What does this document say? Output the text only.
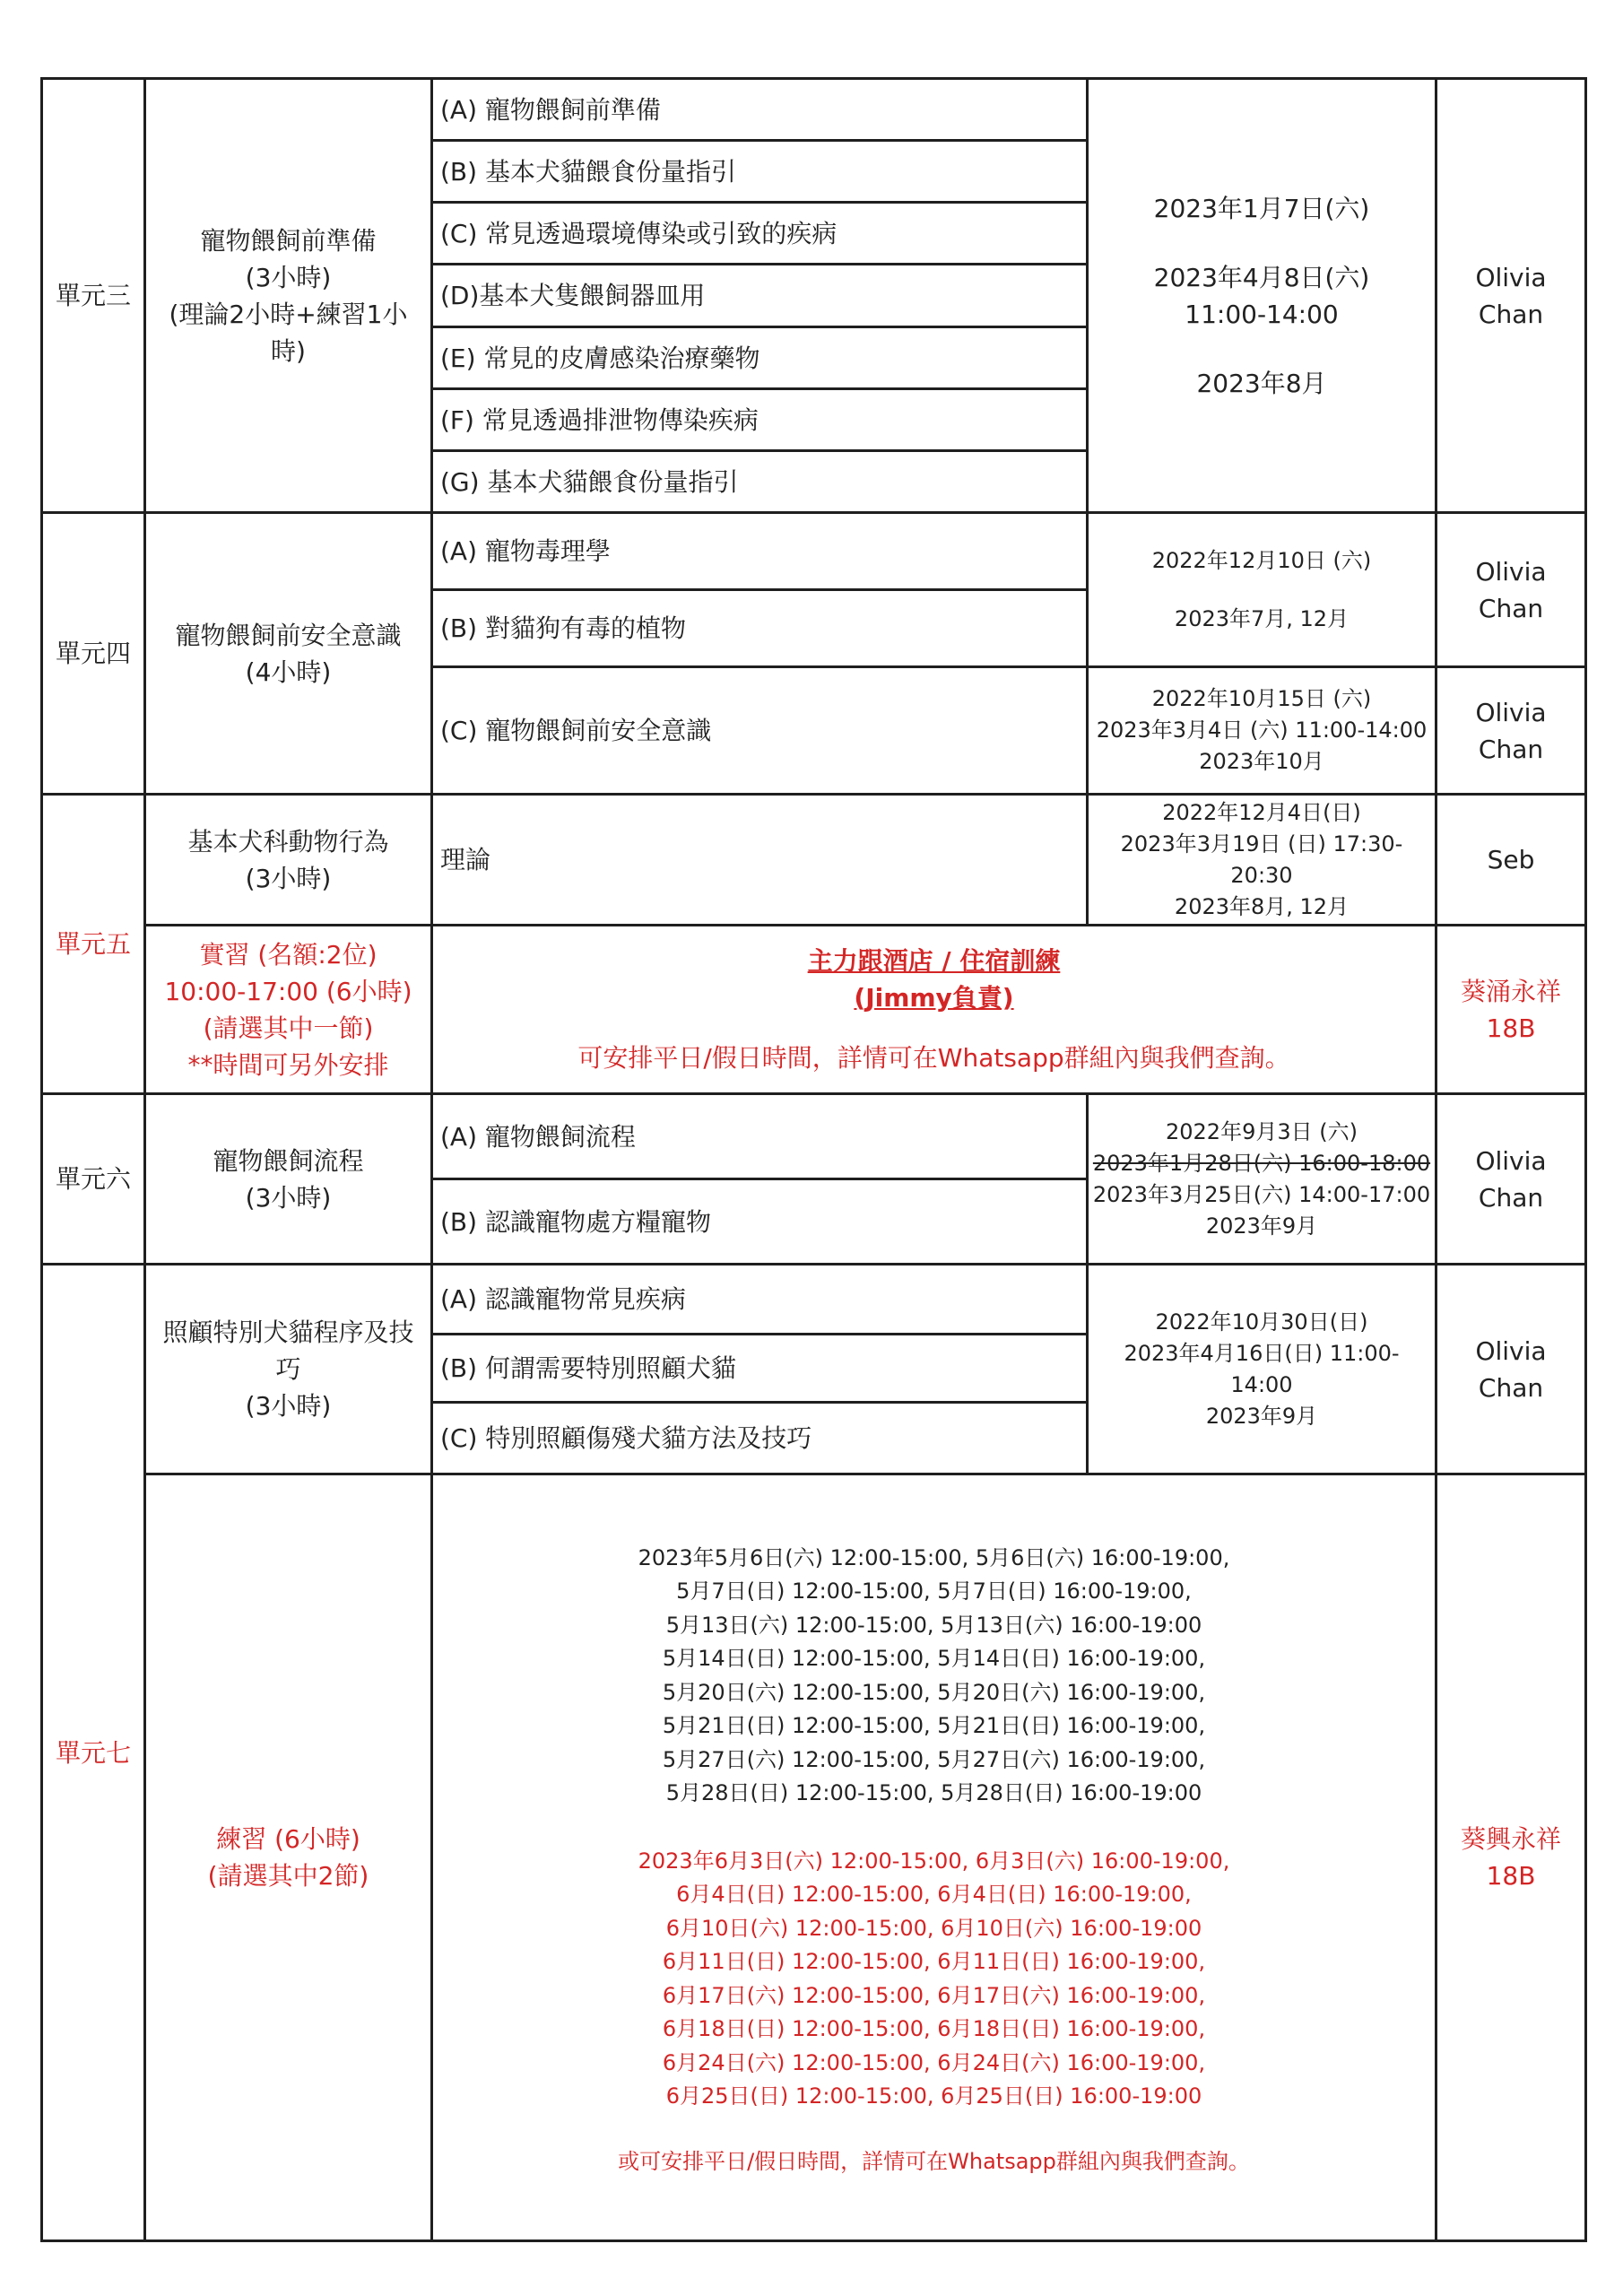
單元三
寵物餵飼前準備
(3小時)
(理論2小時+練習1小
時)
(A) 寵物餵飼前準備
(B) 基本犬貓餵食份量指引
(C) 常見透過環境傳染或引致的疾病
(D)基本犬隻餵飼器皿用
(E) 常見的皮膚感染治療藥物
(F) 常見透過排泄物傳染疾病
(G) 基本犬貓餵食份量指引
2023年1月7日(六)
2023年4月8日(六)
11:00-14:00
2023年8月
Olivia
Chan
單元四
寵物餵飼前安全意識
(4小時)
(A) 寵物毒理學
(B) 對貓狗有毒的植物
(C) 寵物餵飼前安全意識
2022年12月10日 (六)
2023年7月, 12月
Olivia
Chan
2022年10月15日 (六)
2023年3月4日 (六) 11:00-14:00
2023年10月
Olivia
Chan
單元五
基本犬科動物行為
(3小時)
理論
2022年12月4日(日)
2023年3月19日 (日) 17:30-
20:30
2023年8月, 12月
Seb
實習 (名額:2位)
10:00-17:00 (6小時)
(請選其中一節)
**時間可另外安排
主力跟酒店 / 住宿訓練
(Jimmy負責)
可安排平日/假日時間，詳情可在Whatsapp群組內與我們查詢。
葵涌永祥
18B
單元六
寵物餵飼流程
(3小時)
(A) 寵物餵飼流程
(B) 認識寵物處方糧寵物
2022年9月3日 (六)
2023年1月28日(六) 16:00-18:00
2023年3月25日(六) 14:00-17:00
2023年9月
Olivia
Chan
單元七
照顧特別犬貓程序及技
巧
(3小時)
(A) 認識寵物常見疾病
(B) 何謂需要特別照顧犬貓
(C) 特別照顧傷殘犬貓方法及技巧
2022年10月30日(日)
2023年4月16日(日) 11:00-
14:00
2023年9月
Olivia
Chan
練習 (6小時)
(請選其中2節)
2023年5月6日(六) 12:00-15:00, 5月6日(六) 16:00-19:00,
5月7日(日) 12:00-15:00, 5月7日(日) 16:00-19:00,
5月13日(六) 12:00-15:00, 5月13日(六) 16:00-19:00
5月14日(日) 12:00-15:00, 5月14日(日) 16:00-19:00,
5月20日(六) 12:00-15:00, 5月20日(六) 16:00-19:00,
5月21日(日) 12:00-15:00, 5月21日(日) 16:00-19:00,
5月27日(六) 12:00-15:00, 5月27日(六) 16:00-19:00,
5月28日(日) 12:00-15:00, 5月28日(日) 16:00-19:00
2023年6月3日(六) 12:00-15:00, 6月3日(六) 16:00-19:00,
6月4日(日) 12:00-15:00, 6月4日(日) 16:00-19:00,
6月10日(六) 12:00-15:00, 6月10日(六) 16:00-19:00
6月11日(日) 12:00-15:00, 6月11日(日) 16:00-19:00,
6月17日(六) 12:00-15:00, 6月17日(六) 16:00-19:00,
6月18日(日) 12:00-15:00, 6月18日(日) 16:00-19:00,
6月24日(六) 12:00-15:00, 6月24日(六) 16:00-19:00,
6月25日(日) 12:00-15:00, 6月25日(日) 16:00-19:00
或可安排平日/假日時間，詳情可在Whatsapp群組內與我們查詢。
葵興永祥
18B
